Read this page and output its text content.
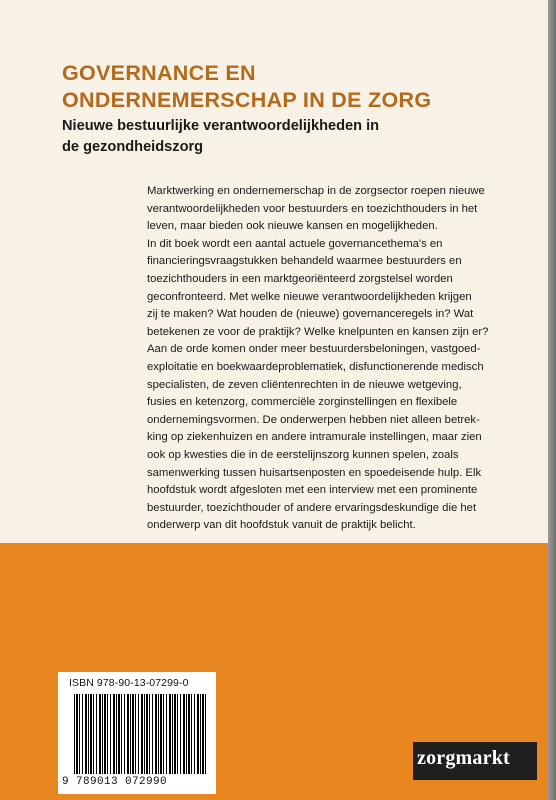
GOVERNANCE EN
ONDERNEMERSCHAP IN DE ZORG
Nieuwe bestuurlijke verantwoordelijkheden in
de gezondheidszorg

Marktwerking en ondernemerschap in de zorgsector roepen nieuwe
verantwoordelijkheden voor bestuurders en toezichthouders in het
leven, maar bieden ook nieuwe kansen en mogelijkheden.
In dit boek wordt een aantal actuele governancethema's en
financieringsvraagstukken behandeld waarmee bestuurders en
toezichthouders in een marktgeoriënteerd zorgstelsel worden
geconfronteerd. Met welke nieuwe verantwoordelijkheden krijgen
zij te maken? Wat houden de (nieuwe) governanceregels in? Wat
betekenen ze voor de praktijk? Welke knelpunten en kansen zijn er?
Aan de orde komen onder meer bestuurdersbeloningen, vastgoed-
exploitatie en boekwaardeproblematiek, disfunctionerende medisch
specialisten, de zeven cliëntenrechten in de nieuwe wetgeving,
fusies en ketenzorg, commerciële zorginstellingen en flexibele
ondernemingsvormen. De onderwerpen hebben niet alleen betrek-
king op ziekenhuizen en andere intramurale instellingen, maar zien
ook op kwesties die in de eerstelijnszorg kunnen spelen, zoals
samenwerking tussen huisartsenposten en spoedeisende hulp. Elk
hoofdstuk wordt afgesloten met een interview met een prominente
bestuurder, toezichthouder of andere ervaringsdeskundige die het
onderwerp van dit hoofdstuk vanuit de praktijk belicht.

ISBN 978-90-13-07299-0
9 789013 072990
zorgmarkt
